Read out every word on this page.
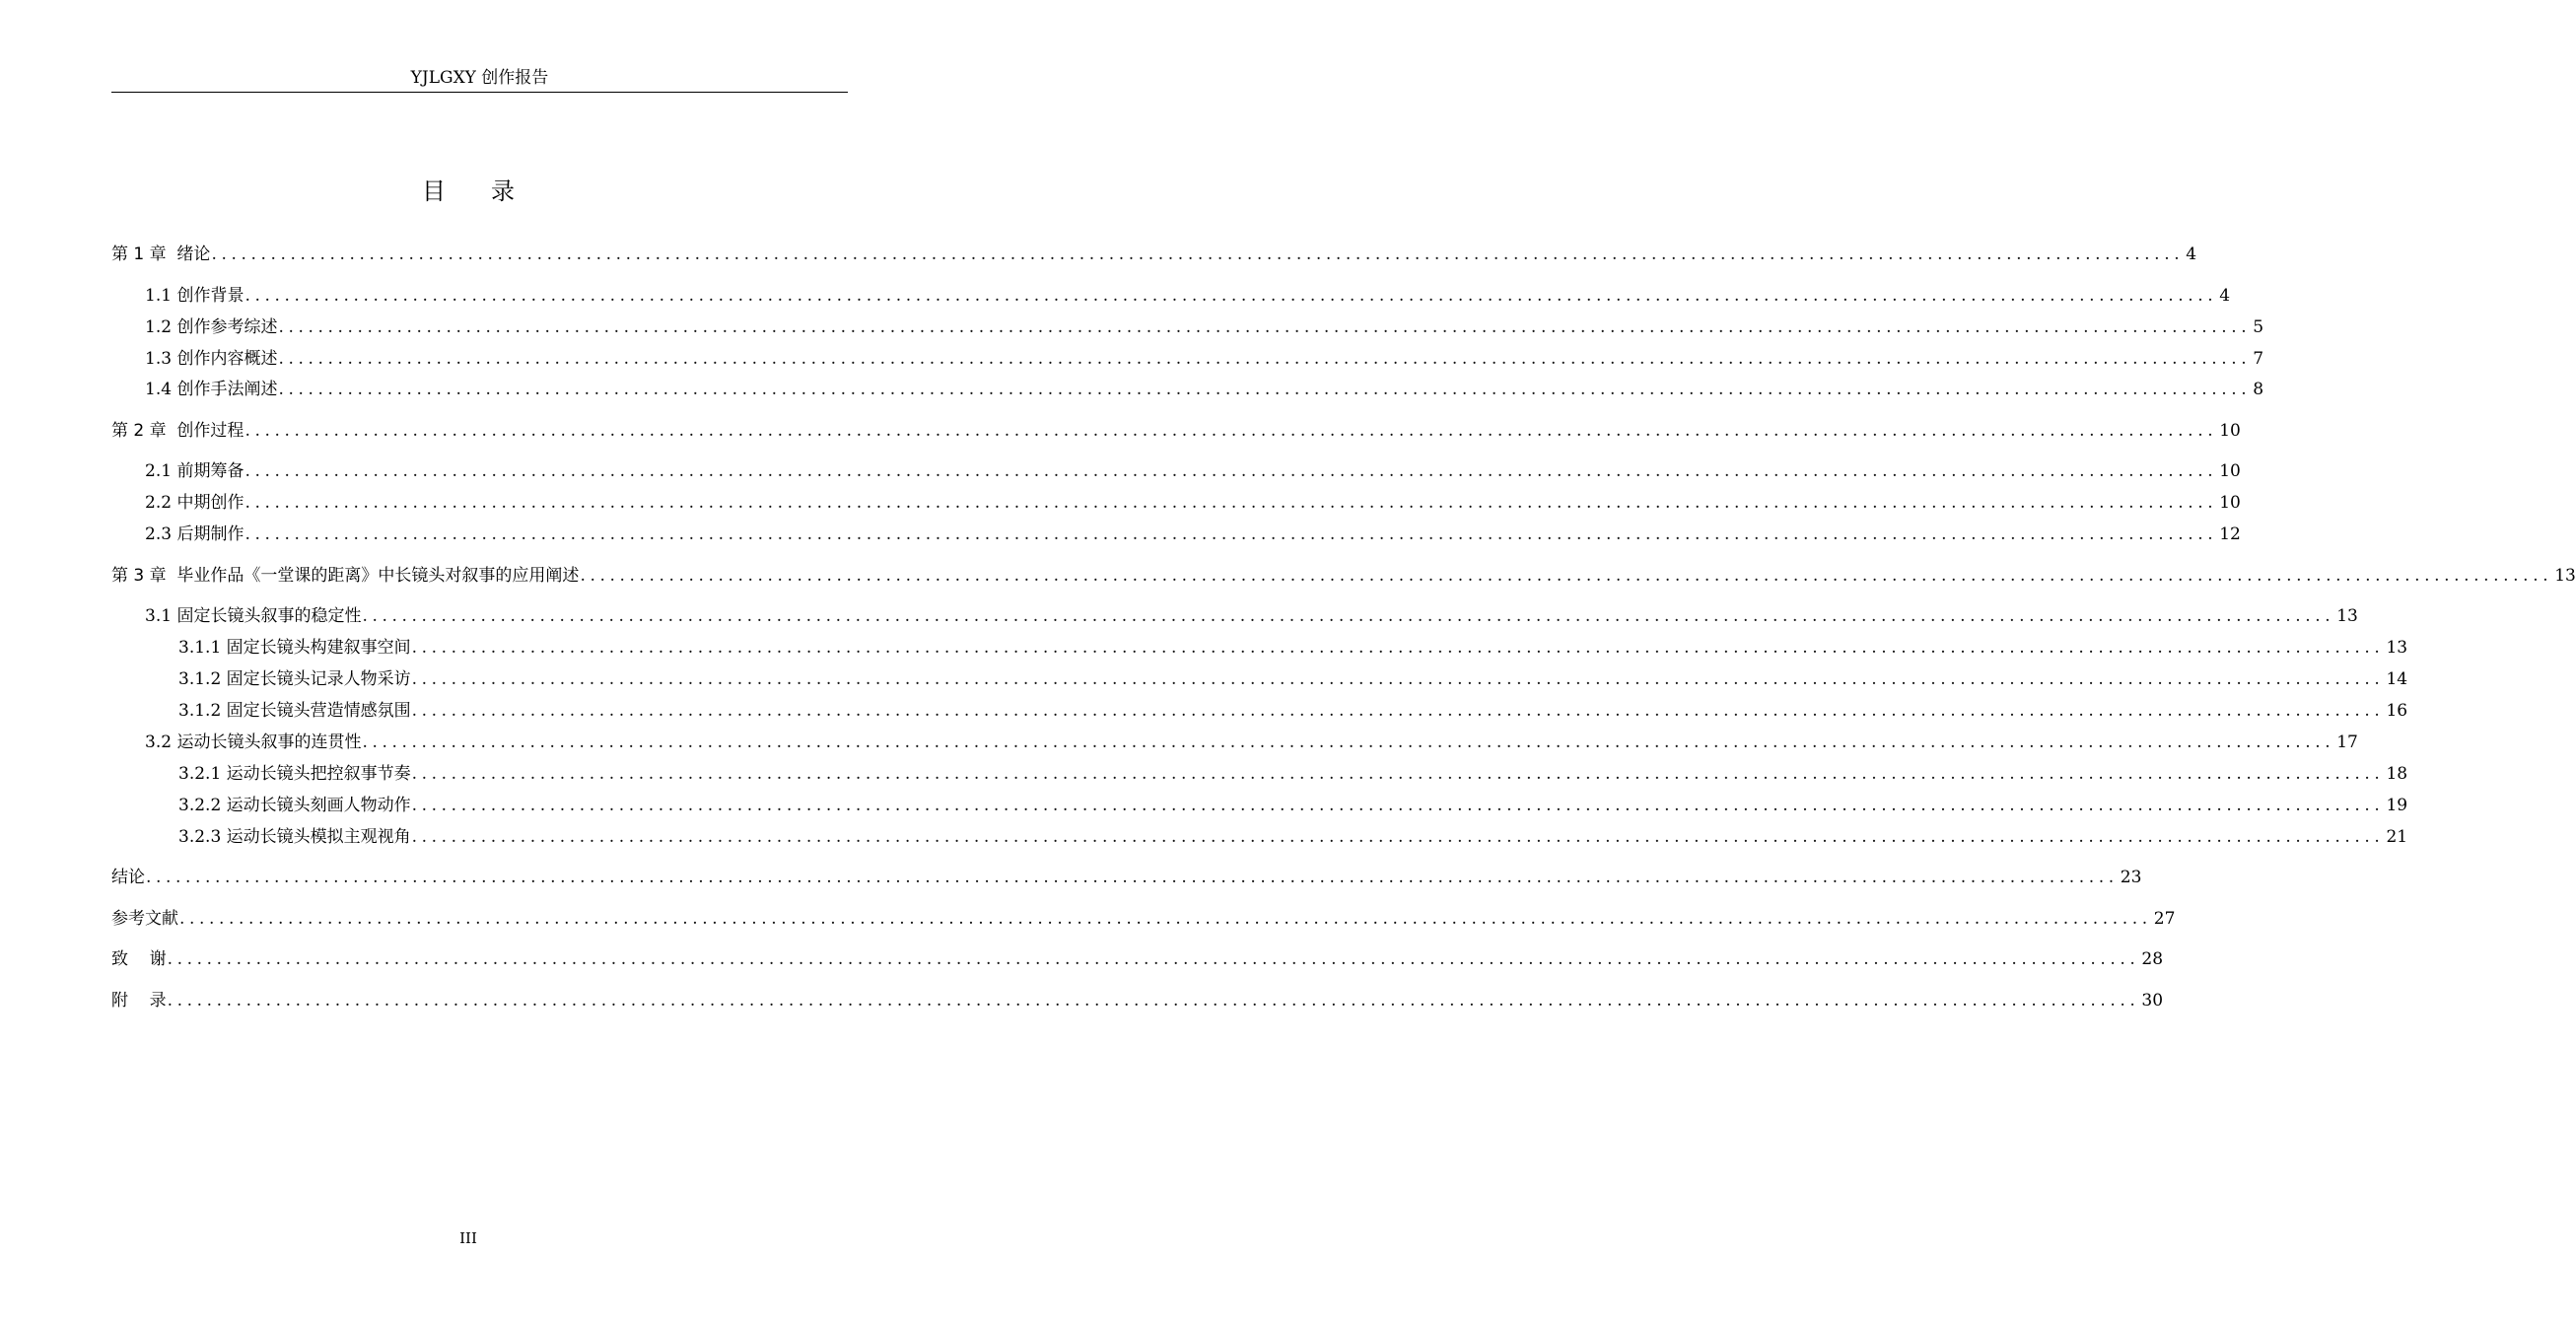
YJLGXY 创作报告
目录
第 1 章  绪论 ........................................................................................................................................................................................................ 4
1.1 创作背景 ........................................................................................................................................................................................................ 4
1.2 创作参考综述 ........................................................................................................................................................................................................ 5
1.3 创作内容概述 ........................................................................................................................................................................................................ 7
1.4 创作手法阐述 ........................................................................................................................................................................................................ 8
第 2 章  创作过程 ........................................................................................................................................................................................................ 10
2.1 前期筹备 ........................................................................................................................................................................................................ 10
2.2 中期创作 ........................................................................................................................................................................................................ 10
2.3 后期制作 ........................................................................................................................................................................................................ 12
第 3 章  毕业作品《一堂课的距离》中长镜头对叙事的应用阐述 ........................................................................................................................................................................................................ 13
3.1 固定长镜头叙事的稳定性 ........................................................................................................................................................................................................ 13
3.1.1 固定长镜头构建叙事空间 ........................................................................................................................................................................................................ 13
3.1.2 固定长镜头记录人物采访 ........................................................................................................................................................................................................ 14
3.1.2 固定长镜头营造情感氛围 ........................................................................................................................................................................................................ 16
3.2 运动长镜头叙事的连贯性 ........................................................................................................................................................................................................ 17
3.2.1 运动长镜头把控叙事节奏 ........................................................................................................................................................................................................ 18
3.2.2 运动长镜头刻画人物动作 ........................................................................................................................................................................................................ 19
3.2.3 运动长镜头模拟主观视角 ........................................................................................................................................................................................................ 21
结论 ........................................................................................................................................................................................................ 23
参考文献 ........................................................................................................................................................................................................ 27
致    谢 ........................................................................................................................................................................................................ 28
附    录 ........................................................................................................................................................................................................ 30
III
